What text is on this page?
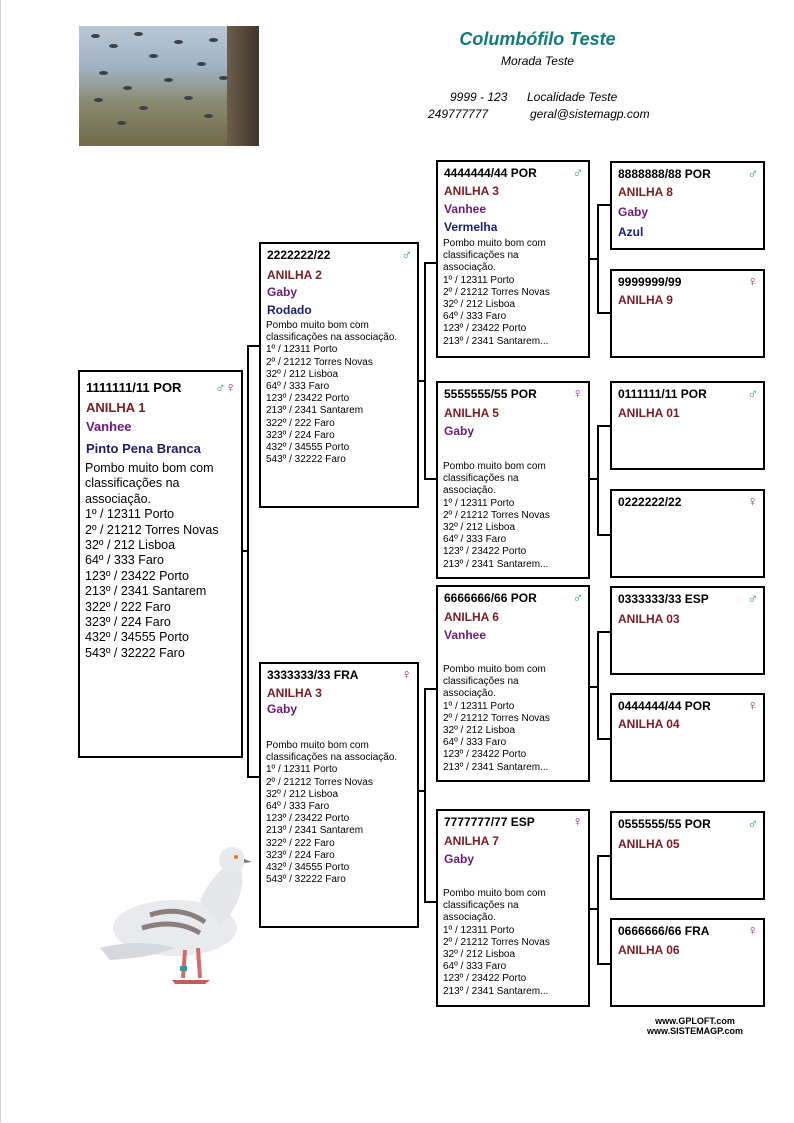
Columbófilo Teste
Morada Teste
9999 - 123 Localidade Teste
249777777	geral@sistemagp.com
1111111/11 POR ♂♀
ANILHA 1
Vanhee
Pinto Pena Branca
Pombo muito bom com
classificações na
associação.
1º / 12311 Porto
2º / 21212 Torres Novas
32º / 212 Lisboa
64º / 333 Faro
123º / 23422 Porto
213º / 2341 Santarem
322º / 222 Faro
323º / 224 Faro
432º / 34555 Porto
543º / 32222 Faro
2222222/22	♂
ANILHA 2
Gaby
Rodado
Pombo muito bom com
classificações na associação.
1º / 12311 Porto
2º / 21212 Torres Novas
32º / 212 Lisboa
64º / 333 Faro
123º / 23422 Porto
213º / 2341 Santarem
322º / 222 Faro
323º / 224 Faro
432º / 34555 Porto
543º / 32222 Faro
3333333/33 FRA	♀
ANILHA 3
Gaby
Pombo muito bom com
classificações na associação.
1º / 12311 Porto
2º / 21212 Torres Novas
32º / 212 Lisboa
64º / 333 Faro
123º / 23422 Porto
213º / 2341 Santarem
322º / 222 Faro
323º / 224 Faro
432º / 34555 Porto
543º / 32222 Faro
4444444/44 POR	♂
ANILHA 3
Vanhee
Vermelha
Pombo muito bom com
classificações na
associação.
1º / 12311 Porto
2º / 21212 Torres Novas
32º / 212 Lisboa
64º / 333 Faro
123º / 23422 Porto
213º / 2341 Santarem...
5555555/55 POR	♀
ANILHA 5
Gaby
Pombo muito bom com
classificações na
associação.
1º / 12311 Porto
2º / 21212 Torres Novas
32º / 212 Lisboa
64º / 333 Faro
123º / 23422 Porto
213º / 2341 Santarem...
6666666/66 POR	♂
ANILHA 6
Vanhee
Pombo muito bom com
classificações na
associação.
1º / 12311 Porto
2º / 21212 Torres Novas
32º / 212 Lisboa
64º / 333 Faro
123º / 23422 Porto
213º / 2341 Santarem...
7777777/77 ESP	♀
ANILHA 7
Gaby
Pombo muito bom com
classificações na
associação.
1º / 12311 Porto
2º / 21212 Torres Novas
32º / 212 Lisboa
64º / 333 Faro
123º / 23422 Porto
213º / 2341 Santarem...
8888888/88 POR	♂
ANILHA 8
Gaby
Azul
9999999/99	♀
ANILHA 9
0111111/11 POR	♂
ANILHA 01
0222222/22	♀
0333333/33 ESP	♂
ANILHA 03
0444444/44 POR	♀
ANILHA 04
0555555/55 POR	♂
ANILHA 05
0666666/66 FRA	♀
ANILHA 06
www.GPLOFT.com
www.SISTEMAGP.com
